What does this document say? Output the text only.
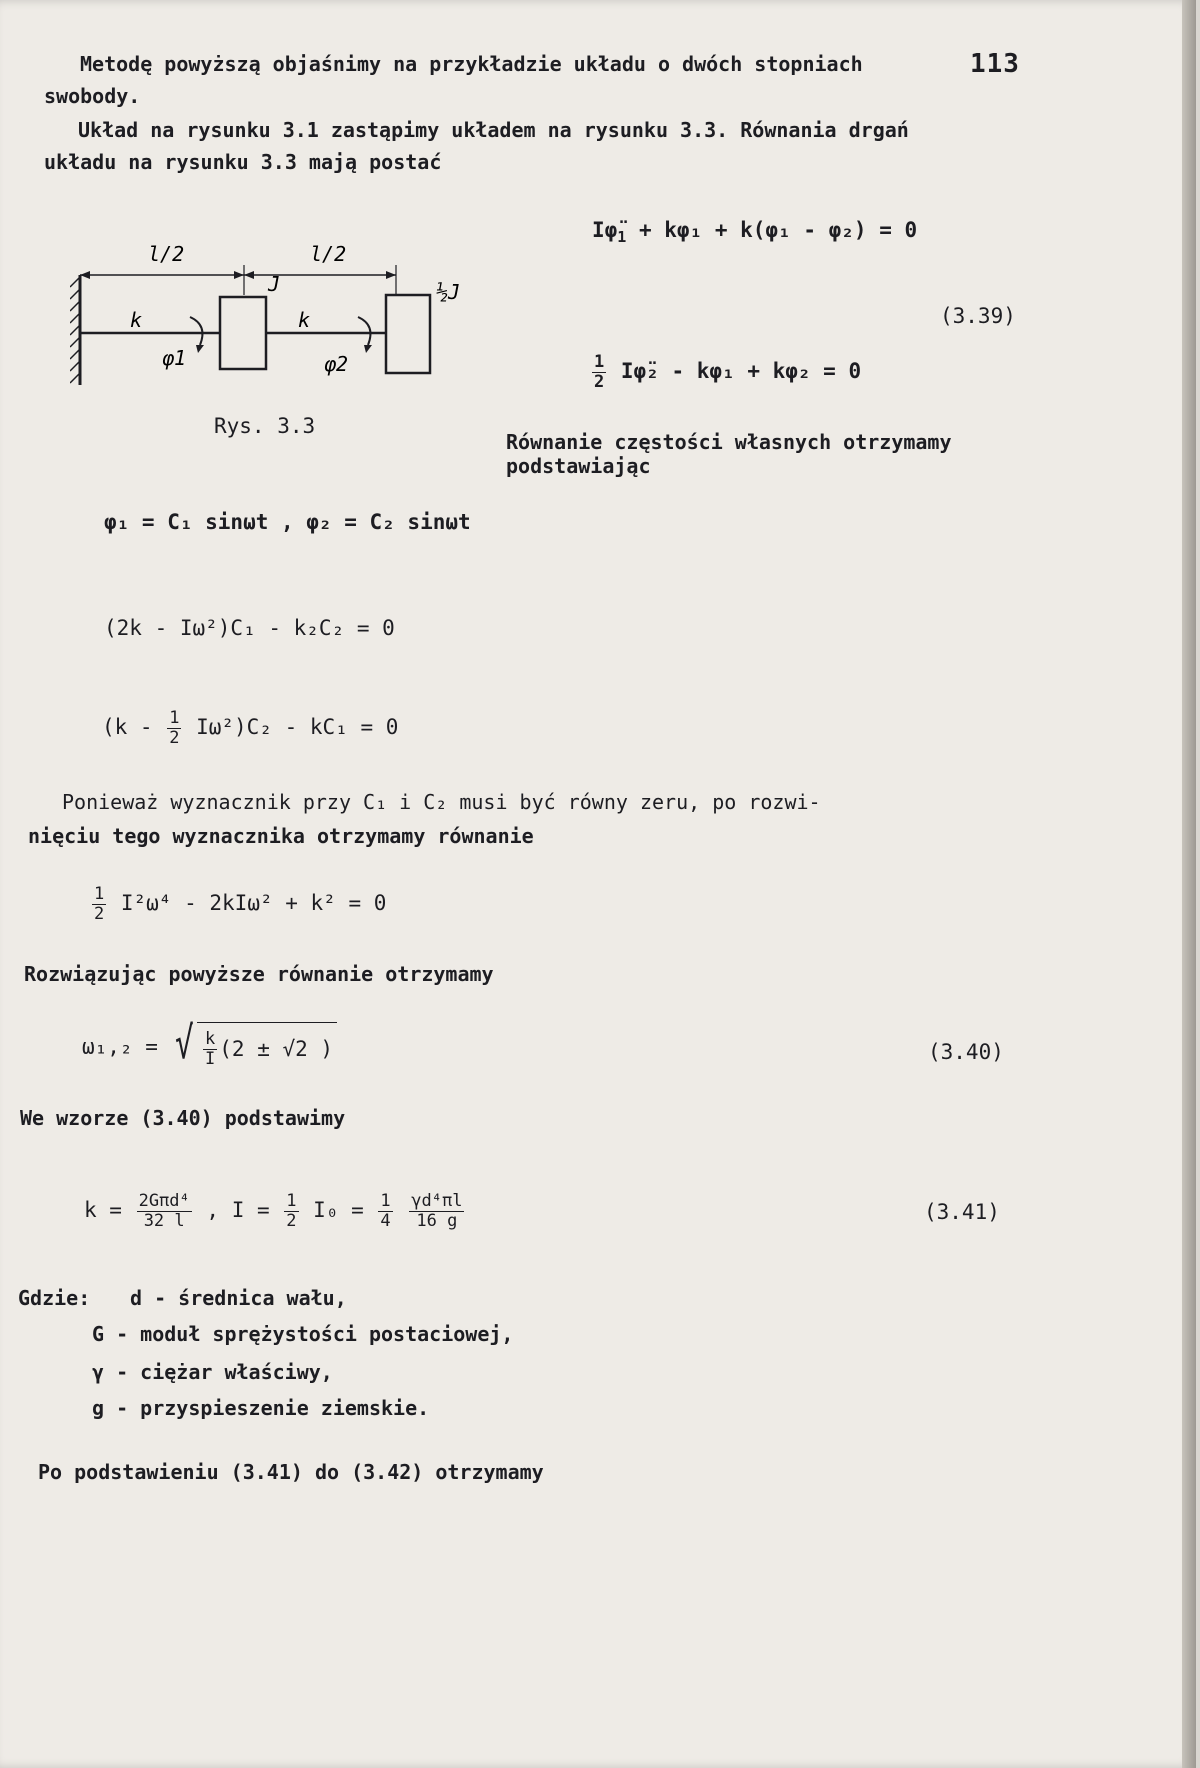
Metodę powyższą objaśnimy na przykładzie układu o dwóch stopniach	113
swobody.
Układ na rysunku 3.1 zastąpimy układem na rysunku 3.3. Równania drgań
układu na rysunku 3.3 mają postać
l/2	l/2
J	½J
k	k
φ1	φ2
Rys. 3.3
$I\varphï_1 + k\varphi_1 + k(\varphi_1 - \varphi_2) = 0$
(3.39)
$\frac{1}{2}$ Iφ̈₂ - kφ₁ + kφ₂ = 0
Równanie częstości własnych otrzymamy
podstawiając
φ₁ = C₁ sinωt , φ₂ = C₂ sinωt
(2k - Iω²)C₁ - k₂C₂ = 0
$(k - \frac{1}{2} I\omega^2)C_2 - kC_1 = 0$
Ponieważ wyznacznik przy C₁ i C₂ musi być równy zeru, po rozwi-
nięciu tego wyznacznika otrzymamy równanie
$\frac{1}{2} I^2\omega^4 - 2kI\omega^2 + k^2 = 0$
Rozwiązując powyższe równanie otrzymamy
ω₁,₂ = √ $\frac{k}{I} (2 \pm √2$ )	(3.40)
We wzorze (3.40) podstawimy
$k = \frac{\text{2Gπd⁴}}{32 l}$ , $I = \frac{1}{2} I_0 = \frac{1}{4}$
$\frac{\text{γd⁴πl}}{16 g}$	(3.41)
Gdzie: d - średnica wału,
G - moduł sprężystości postaciowej,
γ - ciężar właściwy,
g - przyspieszenie ziemskie.
Po podstawieniu (3.41) do (3.42) otrzymamy
